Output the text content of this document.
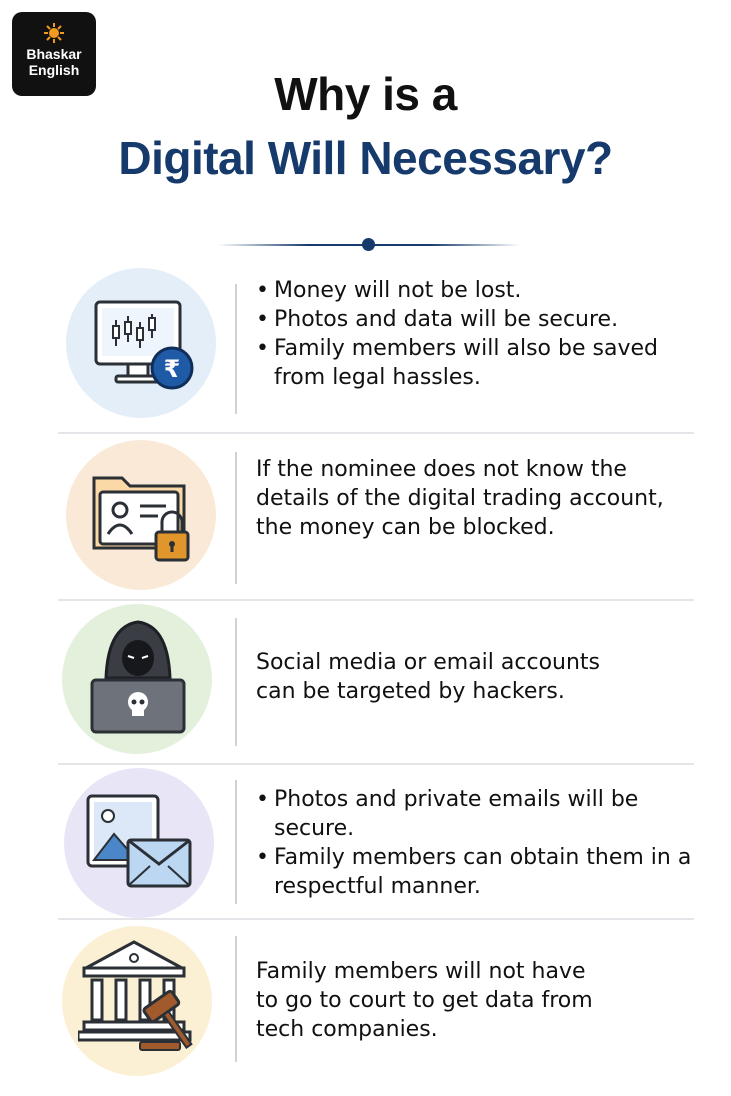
Bhaskar
English	Why is a
Digital Will Necessary?
₹
• Money will not be lost.
• Photos and data will be secure.
• Family members will also be saved from legal hassles.
If the nominee does not know the details of the digital trading account, the money can be blocked.
Social media or email accounts can be targeted by hackers.
• Photos and private emails will be secure.
• Family members can obtain them in a respectful manner.
Family members will not have to go to court to get data from tech companies.
